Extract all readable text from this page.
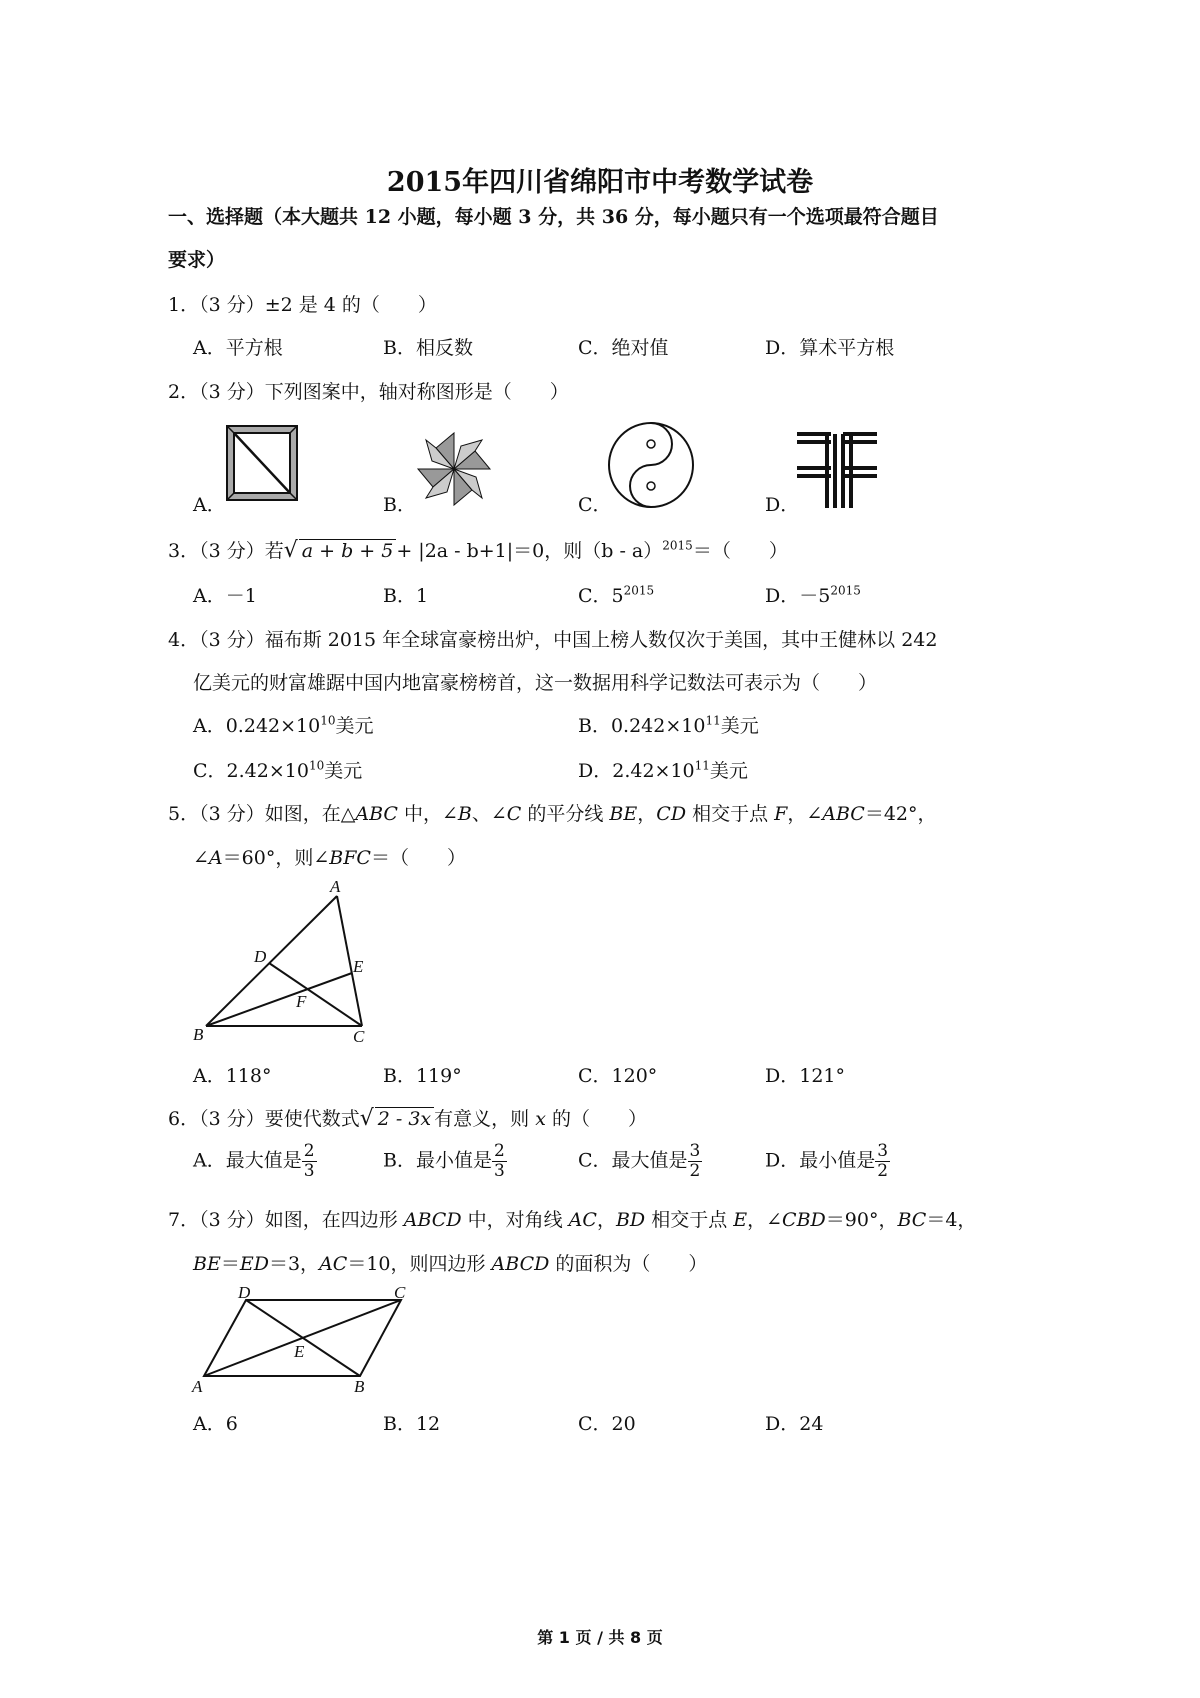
2015年四川省绵阳市中考数学试卷
一、选择题（本大题共 12 小题，每小题 3 分，共 36 分，每小题只有一个选项最符合题目
要求）
1．（3 分）±2 是 4 的（　　）
A．平方根	B．相反数	C．绝对值	D．算术平方根
2．（3 分）下列图案中，轴对称图形是（　　）
A．	B．	C．	D．
3．（3 分）若√ a + b + 5 + |2a - b+1|＝0，则（b - a）$^{2015}$＝（　　）
A．－1	B．1	C．$5^{2015}$	D．$-5^{2015}$
4．（3 分）福布斯 2015 年全球富豪榜出炉，中国上榜人数仅次于美国，其中王健林以 242
亿美元的财富雄踞中国内地富豪榜榜首，这一数据用科学记数法可表示为（　　）
A．$0.242\times 10^{10}$美元	B．$0.242\times 10^{11}$美元
C．$2.42\times 10^{10}$美元	D．$2.42\times 10^{11}$美元
5．（3 分）如图，在△ABC 中，∠B、∠C 的平分线 BE，CD 相交于点 F，∠ABC＝42°，
∠A＝60°，则∠BFC＝（　　）
A
D
E
F
B	C
A．118°	B．119°	C．120°	D．121°
6．（3 分）要使代数式√ 2 - 3x 有意义，则 x 的（　　）
A．最大值是 $\frac{2}{3}$	B．最小值是 $\frac{2}{3}$	C．最大值是 $\frac{3}{2}$	D．最小值是 $\frac{3}{2}$
7．（3 分）如图，在四边形 ABCD 中，对角线 AC，BD 相交于点 E，∠CBD＝90°，BC＝4，
BE＝ED＝3，AC＝10，则四边形 ABCD 的面积为（　　）
D	C
E
A	B
A．6	B．12	C．20	D．24
第 1 页 / 共 8 页
